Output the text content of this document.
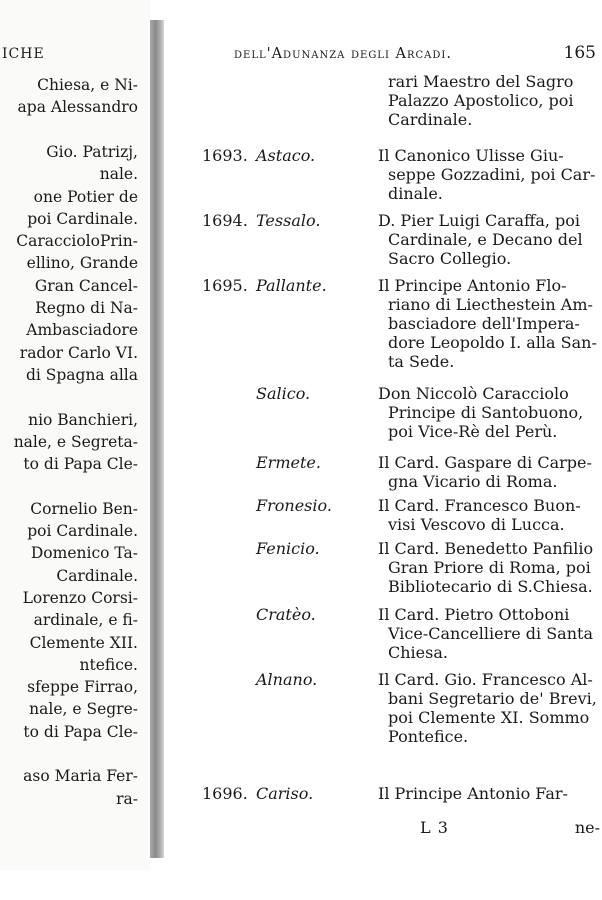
ICHE
Chiesa, e Ni-
apa Alessandro
Gio. Patrizj,
nale.
one Potier de
poi Cardinale.
CaraccioloPrin-
ellino, Grande
Gran Cancel-
Regno di Na-
Ambasciadore
rador Carlo VI.
di Spagna alla
nio Banchieri,
nale, e Segreta-
to di Papa Cle-
Cornelio Ben-
poi Cardinale.
Domenico Ta-
Cardinale.
Lorenzo Corsi-
ardinale, e fi-
Clemente XII.
ntefice.
sfeppe Firrao,
nale, e Segre-
to di Papa Cle-
aso Maria Fer-
ra-
dell'Adunanza degli Arcadi.	165
rari Maestro del Sagro
Palazzo Apostolico, poi
Cardinale.
1693. Astaco.	Il Canonico Ulisse Giu-
seppe Gozzadini, poi Car-
dinale.
1694. Tessalo.	D. Pier Luigi Caraffa, poi
Cardinale, e Decano del
Sacro Collegio.
1695. Pallante.	Il Principe Antonio Flo-
riano di Liecthestein Am-
basciadore dell'Impera-
dore Leopoldo I. alla San-
ta Sede.
Salico.	Don Niccolò Caracciolo
Principe di Santobuono,
poi Vice-Rè del Perù.
Ermete.	Il Card. Gaspare di Carpe-
gna Vicario di Roma.
Fronesio.	Il Card. Francesco Buon-
visi Vescovo di Lucca.
Fenicio.	Il Card. Benedetto Panfilio
Gran Priore di Roma, poi
Bibliotecario di S.Chiesa.
Cratèo.	Il Card. Pietro Ottoboni
Vice-Cancelliere di Santa
Chiesa.
Alnano.	Il Card. Gio. Francesco Al-
bani Segretario de' Brevi,
poi Clemente XI. Sommo
Pontefice.
1696. Cariso.	Il Principe Antonio Far-
L 3	ne-
